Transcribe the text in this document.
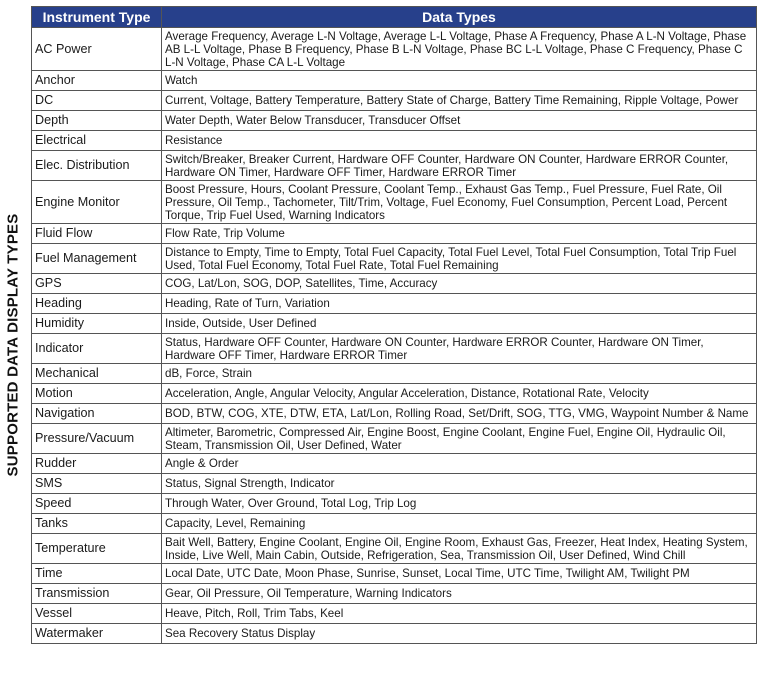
SUPPORTED DATA DISPLAY TYPES
Instrument Type	Data Types
AC Power	Average Frequency, Average L-N Voltage, Average L-L Voltage, Phase A Frequency, Phase A L-N Voltage, Phase AB L-L Voltage, Phase B Frequency, Phase B L-N Voltage, Phase BC L-L Voltage, Phase C Frequency, Phase C L-N Voltage, Phase CA L-L Voltage
Anchor	Watch
DC	Current, Voltage, Battery Temperature, Battery State of Charge, Battery Time Remaining, Ripple Voltage, Power
Depth	Water Depth, Water Below Transducer, Transducer Offset
Electrical	Resistance
Elec. Distribution	Switch/Breaker, Breaker Current, Hardware OFF Counter, Hardware ON Counter, Hardware ERROR Counter, Hardware ON Timer, Hardware OFF Timer, Hardware ERROR Timer
Engine Monitor	Boost Pressure, Hours, Coolant Pressure, Coolant Temp., Exhaust Gas Temp., Fuel Pressure, Fuel Rate, Oil Pressure, Oil Temp., Tachometer, Tilt/Trim, Voltage, Fuel Economy, Fuel Consumption, Percent Load, Percent Torque, Trip Fuel Used, Warning Indicators
Fluid Flow	Flow Rate, Trip Volume
Fuel Management	Distance to Empty, Time to Empty, Total Fuel Capacity, Total Fuel Level, Total Fuel Consumption, Total Trip Fuel Used, Total Fuel Economy, Total Fuel Rate, Total Fuel Remaining
GPS	COG, Lat/Lon, SOG, DOP, Satellites, Time, Accuracy
Heading	Heading, Rate of Turn, Variation
Humidity	Inside, Outside, User Defined
Indicator	Status, Hardware OFF Counter, Hardware ON Counter, Hardware ERROR Counter, Hardware ON Timer, Hardware OFF Timer, Hardware ERROR Timer
Mechanical	dB, Force, Strain
Motion	Acceleration, Angle, Angular Velocity, Angular Acceleration, Distance, Rotational Rate, Velocity
Navigation	BOD, BTW, COG, XTE, DTW, ETA, Lat/Lon, Rolling Road, Set/Drift, SOG, TTG, VMG, Waypoint Number & Name
Pressure/Vacuum	Altimeter, Barometric, Compressed Air, Engine Boost, Engine Coolant, Engine Fuel, Engine Oil, Hydraulic Oil, Steam, Transmission Oil, User Defined, Water
Rudder	Angle & Order
SMS	Status, Signal Strength, Indicator
Speed	Through Water, Over Ground, Total Log, Trip Log
Tanks	Capacity, Level, Remaining
Temperature	Bait Well, Battery, Engine Coolant, Engine Oil, Engine Room, Exhaust Gas, Freezer, Heat Index, Heating System, Inside, Live Well, Main Cabin, Outside, Refrigeration, Sea, Transmission Oil, User Defined, Wind Chill
Time	Local Date, UTC Date, Moon Phase, Sunrise, Sunset, Local Time, UTC Time, Twilight AM, Twilight PM
Transmission	Gear, Oil Pressure, Oil Temperature, Warning Indicators
Vessel	Heave, Pitch, Roll, Trim Tabs, Keel
Watermaker	Sea Recovery Status Display
